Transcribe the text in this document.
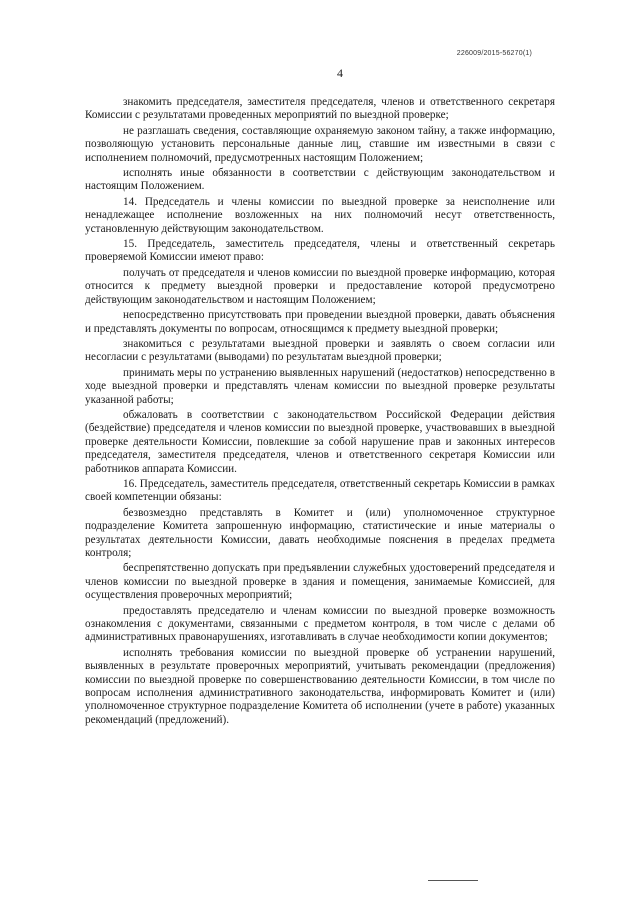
226009/2015-56270(1)
4

знакомить председателя, заместителя председателя, членов и ответственного секретаря Комиссии с результатами проведенных мероприятий по выездной проверке;

не разглашать сведения, составляющие охраняемую законом тайну, а также информацию, позволяющую установить персональные данные лиц, ставшие им известными в связи с исполнением полномочий, предусмотренных настоящим Положением;

исполнять иные обязанности в соответствии с действующим законодательством и настоящим Положением.

14. Председатель и члены комиссии по выездной проверке за неисполнение или ненадлежащее исполнение возложенных на них полномочий несут ответственность, установленную действующим законодательством.

15. Председатель, заместитель председателя, члены и ответственный секретарь проверяемой Комиссии имеют право:

получать от председателя и членов комиссии по выездной проверке информацию, которая относится к предмету выездной проверки и предоставление которой предусмотрено действующим законодательством и настоящим Положением;

непосредственно присутствовать при проведении выездной проверки, давать объяснения и представлять документы по вопросам, относящимся к предмету выездной проверки;

знакомиться с результатами выездной проверки и заявлять о своем согласии или несогласии с результатами (выводами) по результатам выездной проверки;

принимать меры по устранению выявленных нарушений (недостатков) непосредственно в ходе выездной проверки и представлять членам комиссии по выездной проверке результаты указанной работы;

обжаловать в соответствии с законодательством Российской Федерации действия (бездействие) председателя и членов комиссии по выездной проверке, участвовавших в выездной проверке деятельности Комиссии, повлекшие за собой нарушение прав и законных интересов председателя, заместителя председателя, членов и ответственного секретаря Комиссии или работников аппарата Комиссии.

16. Председатель, заместитель председателя, ответственный секретарь Комиссии в рамках своей компетенции обязаны:

безвозмездно представлять в Комитет и (или) уполномоченное структурное подразделение Комитета запрошенную информацию, статистические и иные материалы о результатах деятельности Комиссии, давать необходимые пояснения в пределах предмета контроля;

беспрепятственно допускать при предъявлении служебных удостоверений председателя и членов комиссии по выездной проверке в здания и помещения, занимаемые Комиссией, для осуществления проверочных мероприятий;

предоставлять председателю и членам комиссии по выездной проверке возможность ознакомления с документами, связанными с предметом контроля, в том числе с делами об административных правонарушениях, изготавливать в случае необходимости копии документов;

исполнять требования комиссии по выездной проверке об устранении нарушений, выявленных в результате проверочных мероприятий, учитывать рекомендации (предложения) комиссии по выездной проверке по совершенствованию деятельности Комиссии, в том числе по вопросам исполнения административного законодательства, информировать Комитет и (или) уполномоченное структурное подразделение Комитета об исполнении (учете в работе) указанных рекомендаций (предложений).
